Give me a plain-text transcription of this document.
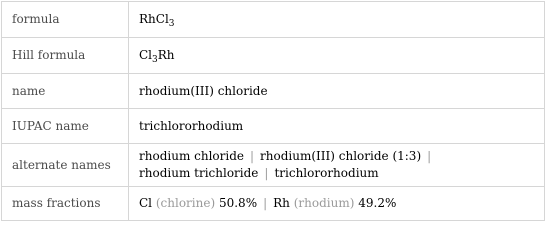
formula	RhCl$_3$
Hill formula	$Cl_3Rh$
name	rhodium(III) chloride
IUPAC name	trichlororhodium
alternate names	rhodium chloride | rhodium(III) chloride (1:3) |
rhodium trichloride | trichlororhodium

mass fractions	Cl (chlorine) 50.8% | Rh (rhodium) 49.2%
